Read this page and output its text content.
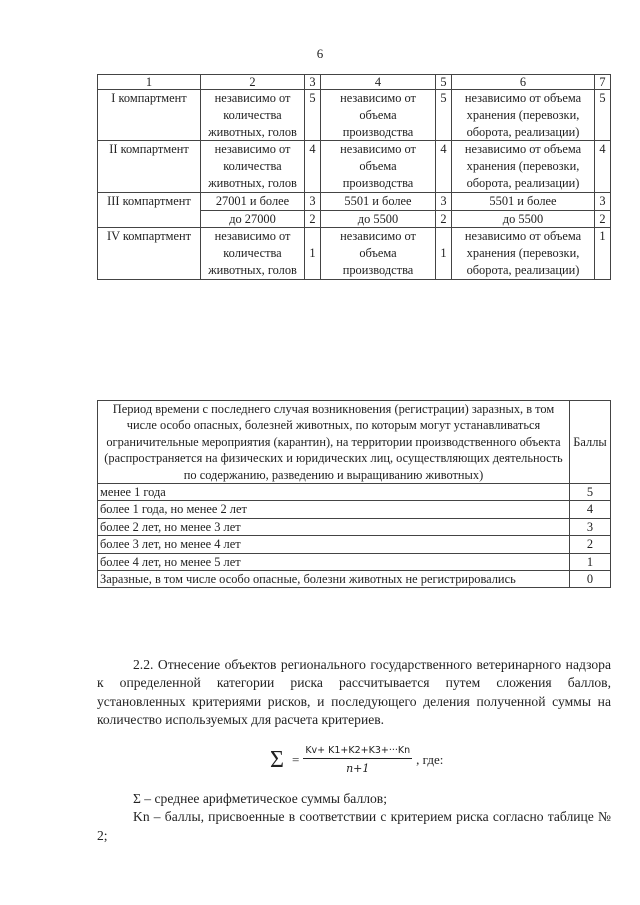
6
1	2	3	4	5	6	7
I компартмент	независимо от количества животных, голов	5	независимо от объема производства	5	независимо от объема хранения (перевозки, оборота, реализации)	5
II компартмент	независимо от количества животных, голов	4	независимо от объема производства	4	независимо от объема хранения (перевозки, оборота, реализации)	4
III компартмент	27001 и более	3	5501 и более	3	5501 и более	3
	до 27000	2	до 5500	2	до 5500	2
IV компартмент	независимо от количества животных, голов	1	независимо от объема производства	1	независимо от объема хранения (перевозки, оборота, реализации)	1
Период времени с последнего случая возникновения (регистрации) заразных, в том числе особо опасных, болезней животных, по которым могут устанавливаться ограничительные мероприятия (карантин), на территории производственного объекта (распространяется на физических и юридических лиц, осуществляющих деятельность по содержанию, разведению и выращиванию животных)	Баллы
менее 1 года	5
более 1 года, но менее 2 лет	4
более 2 лет, но менее 3 лет	3
более 3 лет, но менее 4 лет	2
более 4 лет, но менее 5 лет	1
Заразные, в том числе особо опасные, болезни животных не регистрировались	0

2.2. Отнесение объектов регионального государственного ветеринарного надзора к определенной категории риска рассчитывается путем сложения баллов, установленных критериями рисков, и последующего деления полученной суммы на количество используемых для расчета критериев.

$\Sigma = \frac{Kv+ K1+K2+K3+\cdot\cdot\cdot Kn}{n+1}$ , где:

Σ – среднее арифметическое суммы баллов;

Kn – баллы, присвоенные в соответствии с критерием риска согласно таблице № 2;
